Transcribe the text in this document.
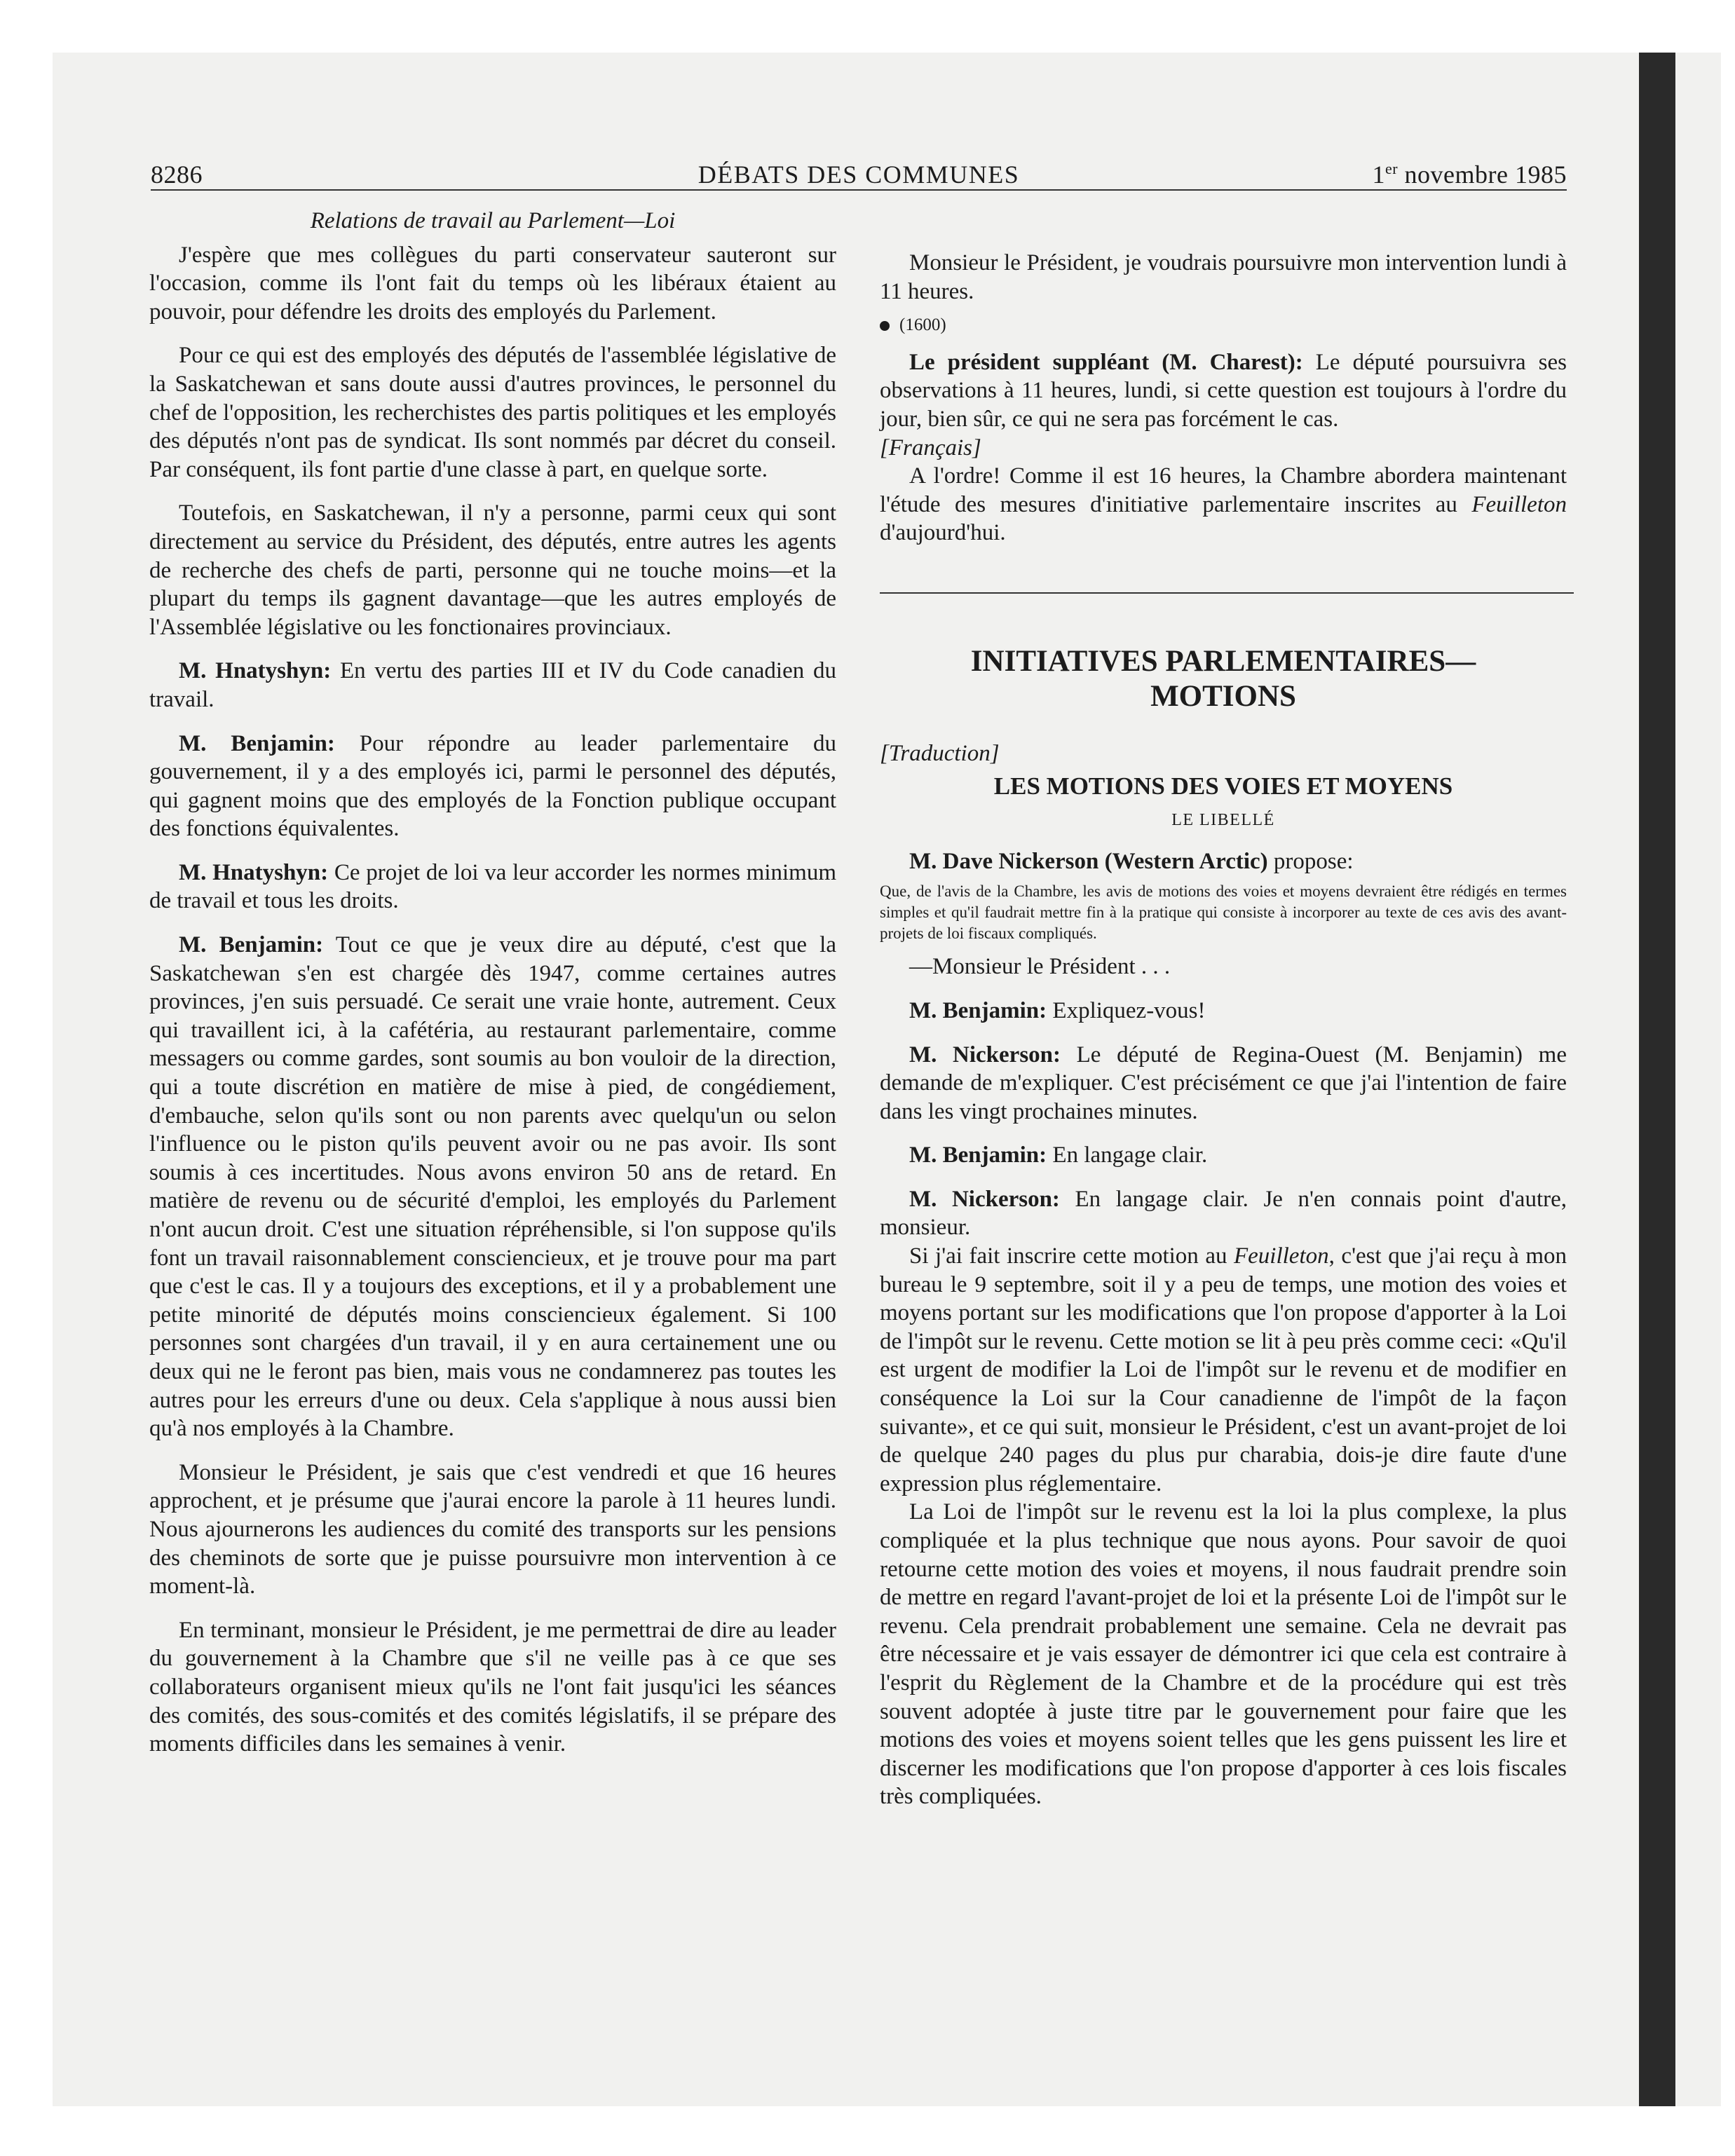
8286	DÉBATS DES COMMUNES	1er novembre 1985

Relations de travail au Parlement—Loi

J'espère que mes collègues du parti conservateur sauteront sur l'occasion, comme ils l'ont fait du temps où les libéraux étaient au pouvoir, pour défendre les droits des employés du Parlement.

Pour ce qui est des employés des députés de l'assemblée législative de la Saskatchewan et sans doute aussi d'autres provinces, le personnel du chef de l'opposition, les recherchistes des partis politiques et les employés des députés n'ont pas de syndicat. Ils sont nommés par décret du conseil. Par conséquent, ils font partie d'une classe à part, en quelque sorte.

Toutefois, en Saskatchewan, il n'y a personne, parmi ceux qui sont directement au service du Président, des députés, entre autres les agents de recherche des chefs de parti, personne qui ne touche moins—et la plupart du temps ils gagnent davantage—que les autres employés de l'Assemblée législative ou les fonctionaires provinciaux.

M. Hnatyshyn: En vertu des parties III et IV du Code canadien du travail.

M. Benjamin: Pour répondre au leader parlementaire du gouvernement, il y a des employés ici, parmi le personnel des députés, qui gagnent moins que des employés de la Fonction publique occupant des fonctions équivalentes.

M. Hnatyshyn: Ce projet de loi va leur accorder les normes minimum de travail et tous les droits.

M. Benjamin: Tout ce que je veux dire au député, c'est que la Saskatchewan s'en est chargée dès 1947, comme certaines autres provinces, j'en suis persuadé. Ce serait une vraie honte, autrement. Ceux qui travaillent ici, à la cafétéria, au restaurant parlementaire, comme messagers ou comme gardes, sont soumis au bon vouloir de la direction, qui a toute discrétion en matière de mise à pied, de congédiement, d'embauche, selon qu'ils sont ou non parents avec quelqu'un ou selon l'influence ou le piston qu'ils peuvent avoir ou ne pas avoir. Ils sont soumis à ces incertitudes. Nous avons environ 50 ans de retard. En matière de revenu ou de sécurité d'emploi, les employés du Parlement n'ont aucun droit. C'est une situation répréhensible, si l'on suppose qu'ils font un travail raisonnablement consciencieux, et je trouve pour ma part que c'est le cas. Il y a toujours des exceptions, et il y a probablement une petite minorité de députés moins consciencieux également. Si 100 personnes sont chargées d'un travail, il y en aura certainement une ou deux qui ne le feront pas bien, mais vous ne condamnerez pas toutes les autres pour les erreurs d'une ou deux. Cela s'applique à nous aussi bien qu'à nos employés à la Chambre.

Monsieur le Président, je sais que c'est vendredi et que 16 heures approchent, et je présume que j'aurai encore la parole à 11 heures lundi. Nous ajournerons les audiences du comité des transports sur les pensions des cheminots de sorte que je puisse poursuivre mon intervention à ce moment-là.

En terminant, monsieur le Président, je me permettrai de dire au leader du gouvernement à la Chambre que s'il ne veille pas à ce que ses collaborateurs organisent mieux qu'ils ne l'ont fait jusqu'ici les séances des comités, des sous-comités et des comités législatifs, il se prépare des moments difficiles dans les semaines à venir.

Monsieur le Président, je voudrais poursuivre mon intervention lundi à 11 heures.

(1600)

Le président suppléant (M. Charest): Le député poursuivra ses observations à 11 heures, lundi, si cette question est toujours à l'ordre du jour, bien sûr, ce qui ne sera pas forcément le cas.

[Français]

A l'ordre! Comme il est 16 heures, la Chambre abordera maintenant l'étude des mesures d'initiative parlementaire inscrites au Feuilleton d'aujourd'hui.

INITIATIVES PARLEMENTAIRES—
MOTIONS

[Traduction]

LES MOTIONS DES VOIES ET MOYENS

LE LIBELLÉ

M. Dave Nickerson (Western Arctic) propose:

Que, de l'avis de la Chambre, les avis de motions des voies et moyens devraient être rédigés en termes simples et qu'il faudrait mettre fin à la pratique qui consiste à incorporer au texte de ces avis des avant-projets de loi fiscaux compliqués.

—Monsieur le Président . . .

M. Benjamin: Expliquez-vous!

M. Nickerson: Le député de Regina-Ouest (M. Benjamin) me demande de m'expliquer. C'est précisément ce que j'ai l'intention de faire dans les vingt prochaines minutes.

M. Benjamin: En langage clair.

M. Nickerson: En langage clair. Je n'en connais point d'autre, monsieur.

Si j'ai fait inscrire cette motion au Feuilleton, c'est que j'ai reçu à mon bureau le 9 septembre, soit il y a peu de temps, une motion des voies et moyens portant sur les modifications que l'on propose d'apporter à la Loi de l'impôt sur le revenu. Cette motion se lit à peu près comme ceci: «Qu'il est urgent de modifier la Loi de l'impôt sur le revenu et de modifier en conséquence la Loi sur la Cour canadienne de l'impôt de la façon suivante», et ce qui suit, monsieur le Président, c'est un avant-projet de loi de quelque 240 pages du plus pur charabia, dois-je dire faute d'une expression plus réglementaire.

La Loi de l'impôt sur le revenu est la loi la plus complexe, la plus compliquée et la plus technique que nous ayons. Pour savoir de quoi retourne cette motion des voies et moyens, il nous faudrait prendre soin de mettre en regard l'avant-projet de loi et la présente Loi de l'impôt sur le revenu. Cela prendrait probablement une semaine. Cela ne devrait pas être nécessaire et je vais essayer de démontrer ici que cela est contraire à l'esprit du Règlement de la Chambre et de la procédure qui est très souvent adoptée à juste titre par le gouvernement pour faire que les motions des voies et moyens soient telles que les gens puissent les lire et discerner les modifications que l'on propose d'apporter à ces lois fiscales très compliquées.
